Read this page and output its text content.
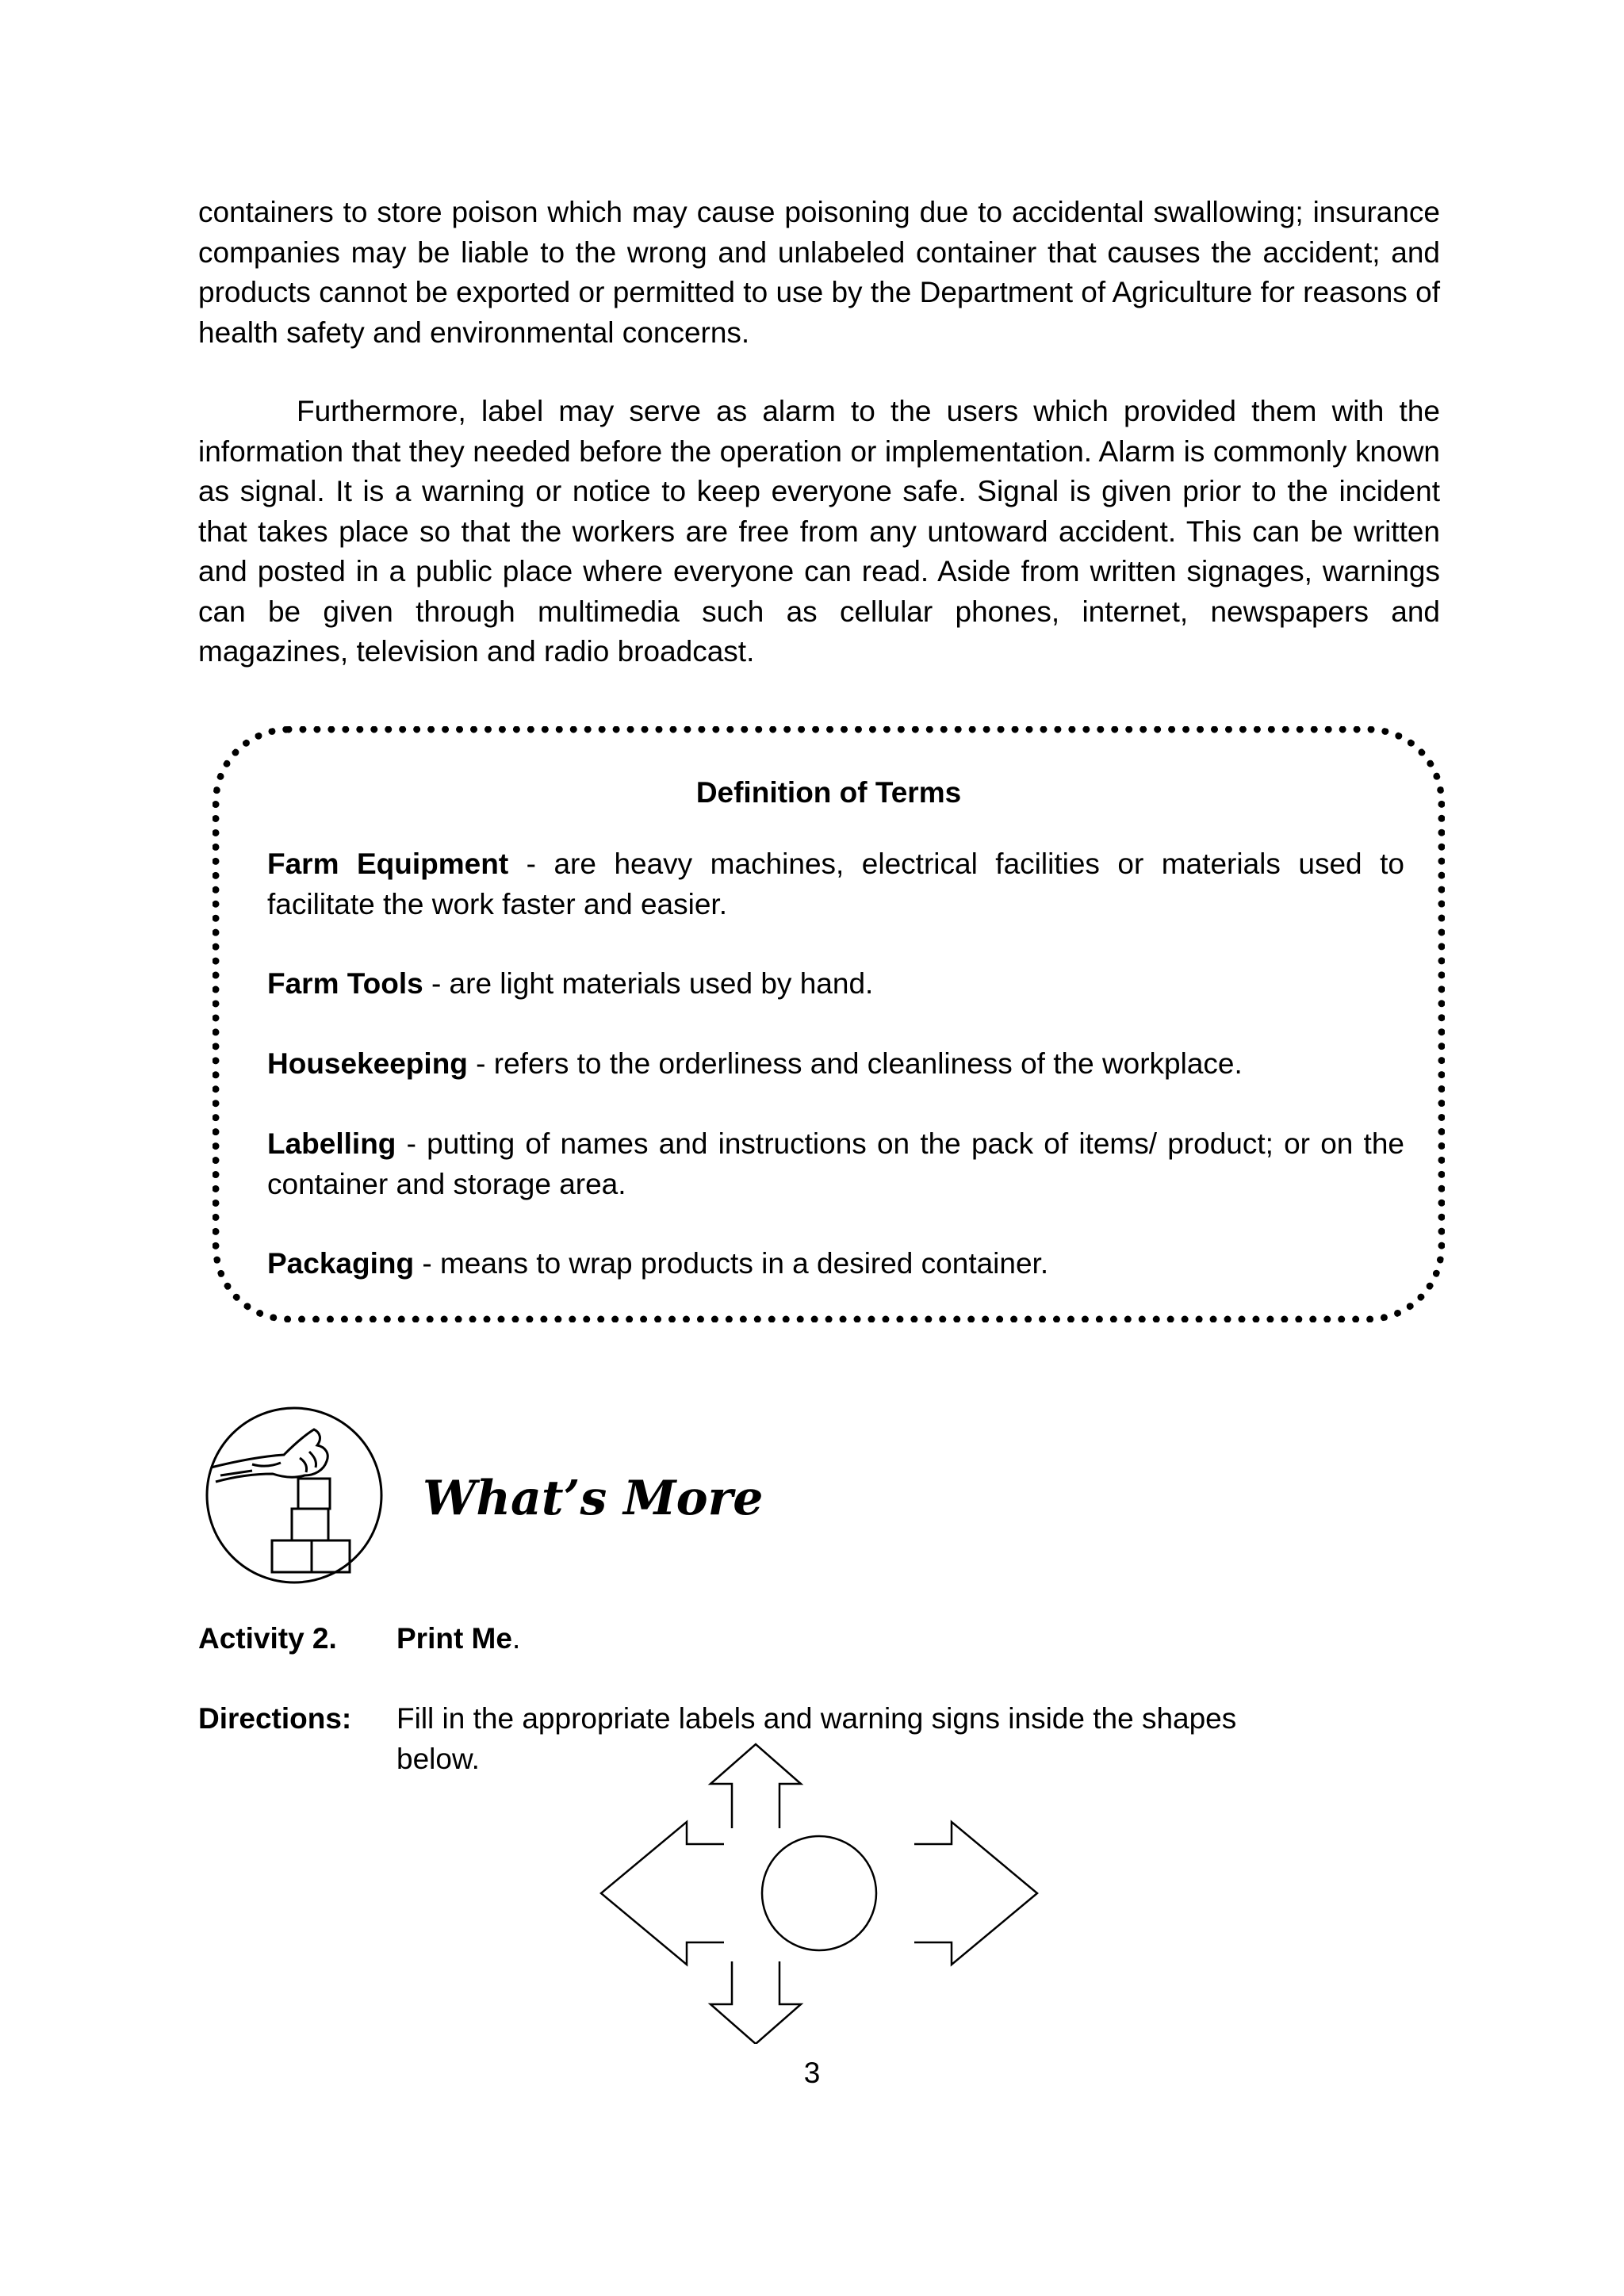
containers to store poison which may cause poisoning due to accidental swallowing; insurance companies may be liable to the wrong and unlabeled container that causes the accident; and products cannot be exported or permitted to use by the Department of Agriculture for reasons of health safety and environmental concerns.

Furthermore, label may serve as alarm to the users which provided them with the information that they needed before the operation or implementation. Alarm is commonly known as signal. It is a warning or notice to keep everyone safe. Signal is given prior to the incident that takes place so that the workers are free from any untoward accident. This can be written and posted in a public place where everyone can read. Aside from written signages, warnings can be given through multimedia such as cellular phones, internet, newspapers and magazines, television and radio broadcast.

Definition of Terms

Farm Equipment - are heavy machines, electrical facilities or materials used to facilitate the work faster and easier.

Farm Tools - are light materials used by hand.

Housekeeping - refers to the orderliness and cleanliness of the workplace.

Labelling - putting of names and instructions on the pack of items/ product; or on the container and storage area.

Packaging - means to wrap products in a desired container.

What’s More

Activity 2. Print Me.
Directions: Fill in the appropriate labels and warning signs inside the shapes below.
3
